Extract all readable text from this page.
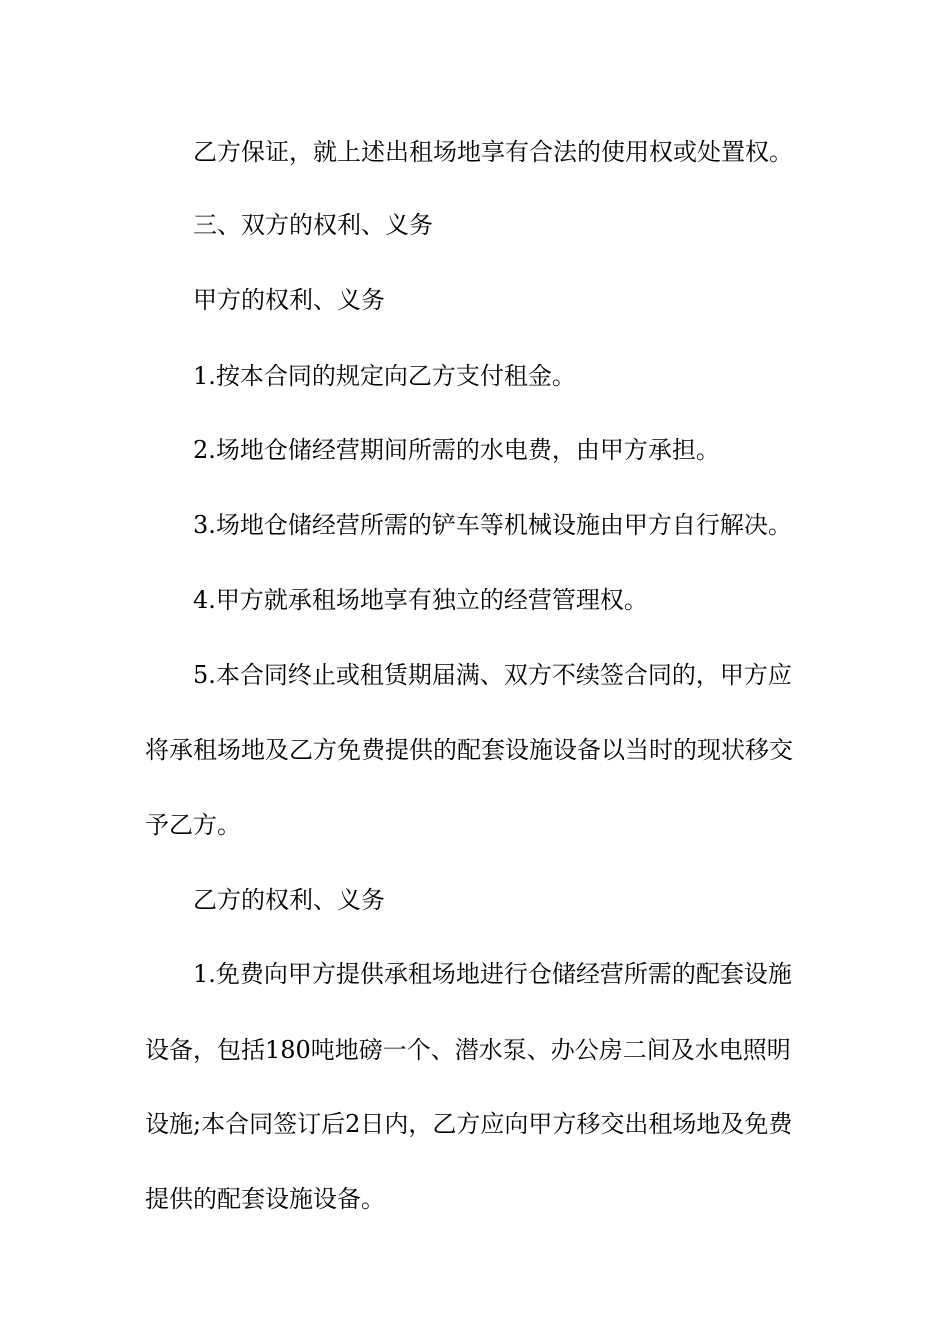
乙方保证，就上述出租场地享有合法的使用权或处置权。
三、双方的权利、义务
甲方的权利、义务
1.按本合同的规定向乙方支付租金。
2.场地仓储经营期间所需的水电费，由甲方承担。
3.场地仓储经营所需的铲车等机械设施由甲方自行解决。
4.甲方就承租场地享有独立的经营管理权。
5.本合同终止或租赁期届满、双方不续签合同的，甲方应
将承租场地及乙方免费提供的配套设施设备以当时的现状移交
予乙方。
乙方的权利、义务
1.免费向甲方提供承租场地进行仓储经营所需的配套设施
设备，包括180吨地磅一个、潜水泵、办公房二间及水电照明
设施;本合同签订后2日内，乙方应向甲方移交出租场地及免费
提供的配套设施设备。
